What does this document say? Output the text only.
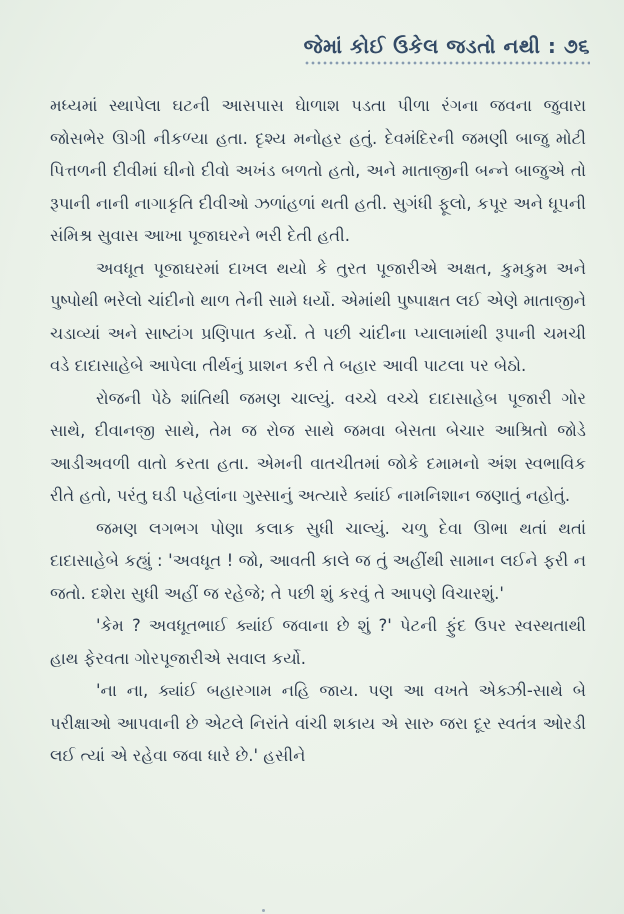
જેમાં કોઈ ઉકેલ જડતો નથી : ૭૬

મધ્યમાં સ્થાપેલા ઘટની આસપાસ ઘેાળાશ પડતા પીળા રંગના જવના જુવારા જોસભેર ઊગી નીકળ્યા હતા. દૃશ્ય મનોહર હતું. દેવમંદિરની જમણી બાજુ મોટી પિત્તળની દીવીમાં ઘીનો દીવો અખંડ બળતો હતો, અને માતાજીની બન્ને બાજુએ તો રૂપાની નાની નાગાકૃતિ દીવીઓ ઝળાંહળાં થતી હતી. સુગંધી ફૂલો, કપૂર અને ધૂપની સંમિશ્ર સુવાસ આખા પૂજાઘરને ભરી દેતી હતી.

અવધૂત પૂજાઘરમાં દાખલ થયો કે તુરત પૂજારીએ અક્ષત, કુમકુમ અને પુષ્પોથી ભરેલો ચાંદીનો થાળ તેની સામે ધર્યો. એમાંથી પુષ્પાક્ષત લઈ એણે માતાજીને ચડાવ્યાં અને સાષ્ટાંગ પ્રણિપાત કર્યો. તે પછી ચાંદીના પ્યાલામાંથી રૂપાની ચમચી વડે દાદાસાહેબે આપેલા તીર્થનું પ્રાશન કરી તે બહાર આવી પાટલા પર બેઠો.

રોજની પેઠે શાંતિથી જમણ ચાલ્યું. વચ્ચે વચ્ચે દાદાસાહેબ પૂજારી ગોર સાથે, દીવાનજી સાથે, તેમ જ રોજ સાથે જમવા બેસતા બેચાર આશ્રિતો જોડે આડીઅવળી વાતો કરતા હતા. એમની વાતચીતમાં જોકે દમામનો અંશ સ્વભાવિક રીતે હતો, પરંતુ ઘડી પહેલાંના ગુસ્સાનું અત્યારે ક્યાંઈ નામનિશાન જણાતું નહોતું.

જમણ લગભગ પોણા કલાક સુધી ચાલ્યું. ચળુ દેવા ઊભા થતાં થતાં દાદાસાહેબે કહ્યું : 'અવધૂત ! જો, આવતી કાલે જ તું અહીંથી સામાન લઈને ફરી ન જતો. દશેરા સુધી અહીં જ રહેજે; તે પછી શું કરવું તે આપણે વિચારશું.'

'કેમ ? અવધૂતભાઈ ક્યાંઈ જવાના છે શું ?' પેટની ફુંદ ઉપર સ્વસ્થતાથી હાથ ફેરવતા ગોરપૂજારીએ સવાલ કર્યો.

'ના ના, ક્યાંઈ બહારગામ નહિ જાય. પણ આ વખતે એક્ઝી-સાથે બે પરીક્ષાઓ આપવાની છે એટલે નિરાંતે વાંચી શકાય એ સારુ જરા દૂર સ્વતંત્ર ઓરડી લઈ ત્યાં એ રહેવા જવા ધારે છે.' હસીને
